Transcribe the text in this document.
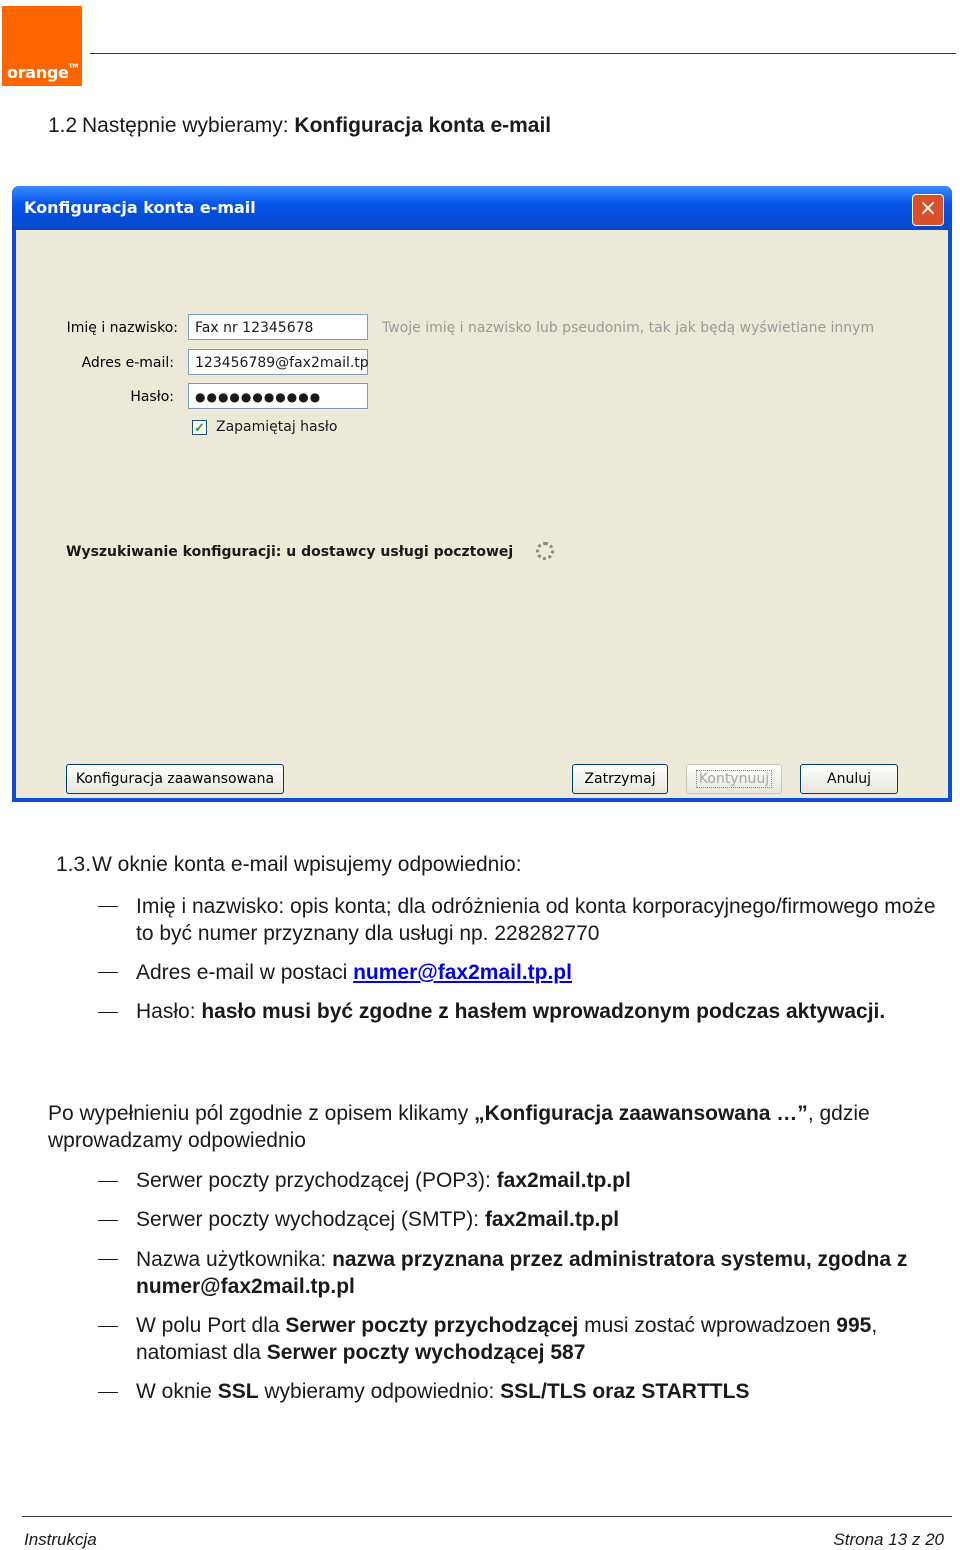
orange™
1.2 Następnie wybieramy: Konfiguracja konta e-mail
Konfiguracja konta e-mail	×
Imię i nazwisko:	Fax nr 12345678	Twoje imię i nazwisko lub pseudonim, tak jak będą wyświetlane innym
Adres e-mail:	123456789@fax2mail.tp
Hasło:	●●●●●●●●●●●
✓ Zapamiętaj hasło
Wyszukiwanie konfiguracji: u dostawcy usługi pocztowej
Konfiguracja zaawansowana	Zatrzymaj	Kontynuuj	Anuluj
1.3.W oknie konta e-mail wpisujemy odpowiednio:
Imię i nazwisko: opis konta; dla odróżnienia od konta korporacyjnego/firmowego może to być numer przyznany dla usługi np. 228282770
Adres e-mail w postaci numer@fax2mail.tp.pl
Hasło: hasło musi być zgodne z hasłem wprowadzonym podczas aktywacji.
Po wypełnieniu pól zgodnie z opisem klikamy „Konfiguracja zaawansowana …”, gdzie wprowadzamy odpowiednio
Serwer poczty przychodzącej (POP3): fax2mail.tp.pl
Serwer poczty wychodzącej (SMTP): fax2mail.tp.pl
Nazwa użytkownika: nazwa przyznana przez administratora systemu, zgodna z numer@fax2mail.tp.pl
W polu Port dla Serwer poczty przychodzącej musi zostać wprowadzoen 995, natomiast dla Serwer poczty wychodzącej 587
W oknie SSL wybieramy odpowiednio: SSL/TLS oraz STARTTLS
Instrukcja	Strona 13 z 20
